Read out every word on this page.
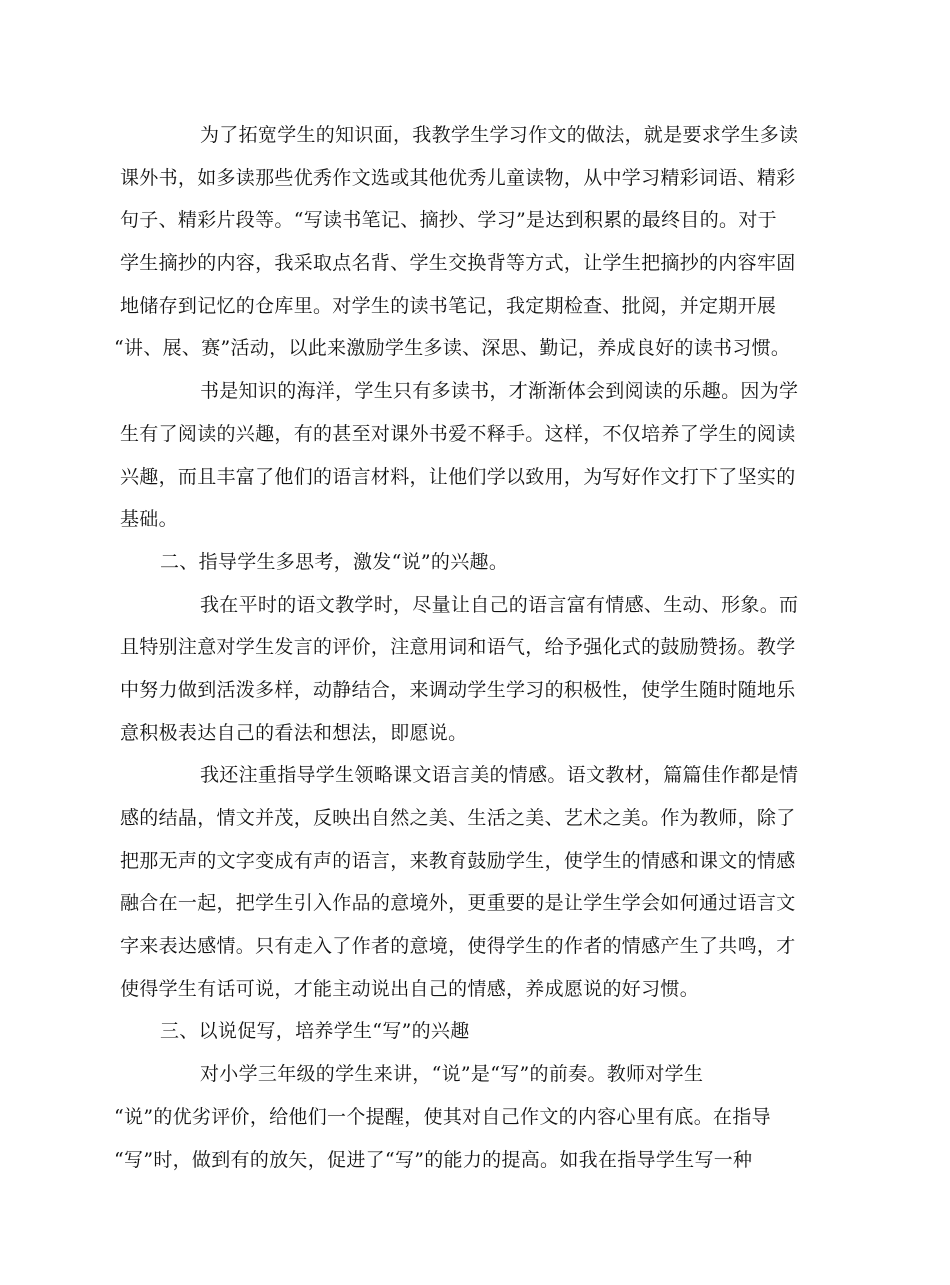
为了拓宽学生的知识面，我教学生学习作文的做法，就是要求学生多读
课外书，如多读那些优秀作文选或其他优秀儿童读物，从中学习精彩词语、精彩
句子、精彩片段等。“写读书笔记、摘抄、学习”是达到积累的最终目的。对于
学生摘抄的内容，我采取点名背、学生交换背等方式，让学生把摘抄的内容牢固
地储存到记忆的仓库里。对学生的读书笔记，我定期检查、批阅，并定期开展
“讲、展、赛”活动，以此来激励学生多读、深思、勤记，养成良好的读书习惯。
书是知识的海洋，学生只有多读书，才渐渐体会到阅读的乐趣。因为学
生有了阅读的兴趣，有的甚至对课外书爱不释手。这样，不仅培养了学生的阅读
兴趣，而且丰富了他们的语言材料，让他们学以致用，为写好作文打下了坚实的
基础。
二、指导学生多思考，激发“说”的兴趣。
我在平时的语文教学时，尽量让自己的语言富有情感、生动、形象。而
且特别注意对学生发言的评价，注意用词和语气，给予强化式的鼓励赞扬。教学
中努力做到活泼多样，动静结合，来调动学生学习的积极性，使学生随时随地乐
意积极表达自己的看法和想法，即愿说。
我还注重指导学生领略课文语言美的情感。语文教材，篇篇佳作都是情
感的结晶，情文并茂，反映出自然之美、生活之美、艺术之美。作为教师，除了
把那无声的文字变成有声的语言，来教育鼓励学生，使学生的情感和课文的情感
融合在一起，把学生引入作品的意境外，更重要的是让学生学会如何通过语言文
字来表达感情。只有走入了作者的意境，使得学生的作者的情感产生了共鸣，才
使得学生有话可说，才能主动说出自己的情感，养成愿说的好习惯。
三、以说促写，培养学生“写”的兴趣
对小学三年级的学生来讲，“说”是“写”的前奏。教师对学生
“说”的优劣评价，给他们一个提醒，使其对自己作文的内容心里有底。在指导
“写”时，做到有的放矢，促进了“写”的能力的提高。如我在指导学生写一种
